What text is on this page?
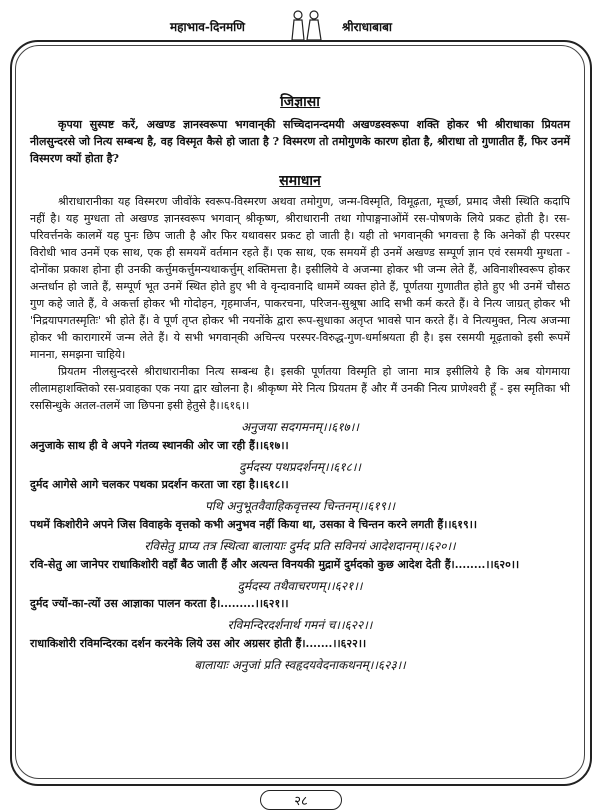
महाभाव-दिनमणि	श्रीराधाबाबा

जिज्ञासा

कृपया सुस्पष्ट करें, अखण्ड ज्ञानस्वरूपा भगवान्‌की सच्चिदानन्दमयी अखण्डस्वरूपा शक्ति होकर भी श्रीराधाका प्रियतम नीलसुन्दरसे जो नित्य सम्बन्ध है, वह विस्मृत कैसे हो जाता है ? विस्मरण तो तमोगुणके कारण होता है, श्रीराधा तो गुणातीत हैं, फिर उनमें विस्मरण क्यों होता है?

समाधान

श्रीराधारानीका यह विस्मरण जीवोंके स्वरूप-विस्मरण अथवा तमोगुण, जन्म-विस्मृति, विमूढ़ता, मूर्च्छा, प्रमाद जैसी स्थिति कदापि नहीं है। यह मुग्धता तो अखण्ड ज्ञानस्वरूप भगवान् श्रीकृष्ण, श्रीराधारानी तथा गोपाङ्गनाओंमें रस-पोषणके लिये प्रकट होती है। रस-परिवर्त्तनके कालमें यह पुनः छिप जाती है और फिर यथावसर प्रकट हो जाती है। यही तो भगवान्‌की भगवत्ता है कि अनेकों ही परस्पर विरोधी भाव उनमें एक साथ, एक ही समयमें वर्तमान रहते हैं। एक साथ, एक समयमें ही उनमें अखण्ड सम्पूर्ण ज्ञान एवं रसमयी मुग्धता - दोनोंका प्रकाश होना ही उनकी कर्त्तुमकर्त्तुमन्यथाकर्त्तुम् शक्तिमत्ता है। इसीलिये वे अजन्मा होकर भी जन्म लेते हैं, अविनाशीस्वरूप होकर अन्तर्धान हो जाते हैं, सम्पूर्ण भूत उनमें स्थित होते हुए भी वे वृन्दावनादि धाममें व्यक्त होते हैं, पूर्णतया गुणातीत होते हुए भी उनमें चौसठ गुण कहे जाते हैं, वे अकर्त्ता होकर भी गोदोहन, गृहमार्जन, पाकरचना, परिजन-सुश्रूषा आदि सभी कर्म करते हैं। वे नित्य जाग्रत् होकर भी 'निद्रयापगतस्मृतिः' भी होते हैं। वे पूर्ण तृप्त होकर भी नयनोंके द्वारा रूप-सुधाका अतृप्त भावसे पान करते हैं। वे नित्यमुक्त, नित्य अजन्मा होकर भी कारागारमें जन्म लेते हैं। ये सभी भगवान्‌की अचिन्त्य परस्पर-विरुद्ध-गुण-धर्माश्रयता ही है। इस रसमयी मूढ़ताको इसी रूपमें मानना, समझना चाहिये।

प्रियतम नीलसुन्दरसे श्रीराधारानीका नित्य सम्बन्ध है। इसकी पूर्णतया विस्मृति हो जाना मात्र इसीलिये है कि अब योगमाया लीलामहाशक्तिको रस-प्रवाहका एक नया द्वार खोलना है। श्रीकृष्ण मेरे नित्य प्रियतम हैं और मैं उनकी नित्य प्राणेश्वरी हूँ - इस स्मृतिका भी रससिन्धुके अतल-तलमें जा छिपना इसी हेतुसे है।।६१६।।

अनुजया सदगमनम्।।६१७।।

अनुजाके साथ ही वे अपने गंतव्य स्थानकी ओर जा रही हैं।।६१७।।

दुर्मदस्य पथप्रदर्शनम्।।६१८।।

दुर्मद आगेसे आगे चलकर पथका प्रदर्शन करता जा रहा है।।६१८।।

पथि अनुभूतवैवाहिकवृत्तस्य चिन्तनम्।।६१९।।

पथमें किशोरीने अपने जिस विवाहके वृत्तको कभी अनुभव नहीं किया था, उसका वे चिन्तन करने लगती हैं।।६१९।।

रविसेतु प्राप्य तत्र स्थित्वा बालायाः दुर्मद प्रति सविनयं आदेशदानम्।।६२०।।

रवि-सेतु आ जानेपर राधाकिशोरी वहाँ बैठ जाती हैं और अत्यन्त विनयकी मुद्रामें दुर्मदको कुछ आदेश देती हैं।........।।६२०।।

दुर्मदस्य तथैवाचरणम्।।६२१।।

दुर्मद ज्यों-का-त्यों उस आज्ञाका पालन करता है।.........।।६२१।।

रविमन्दिरदर्शनार्थ गमनं च।।६२२।।

राधाकिशोरी रविमन्दिरका दर्शन करनेके लिये उस ओर अग्रसर होती हैं।.......।।६२२।।

बालायाः अनुजां प्रति स्वहृदयवेदनाकथनम्।।६२३।।

२८
